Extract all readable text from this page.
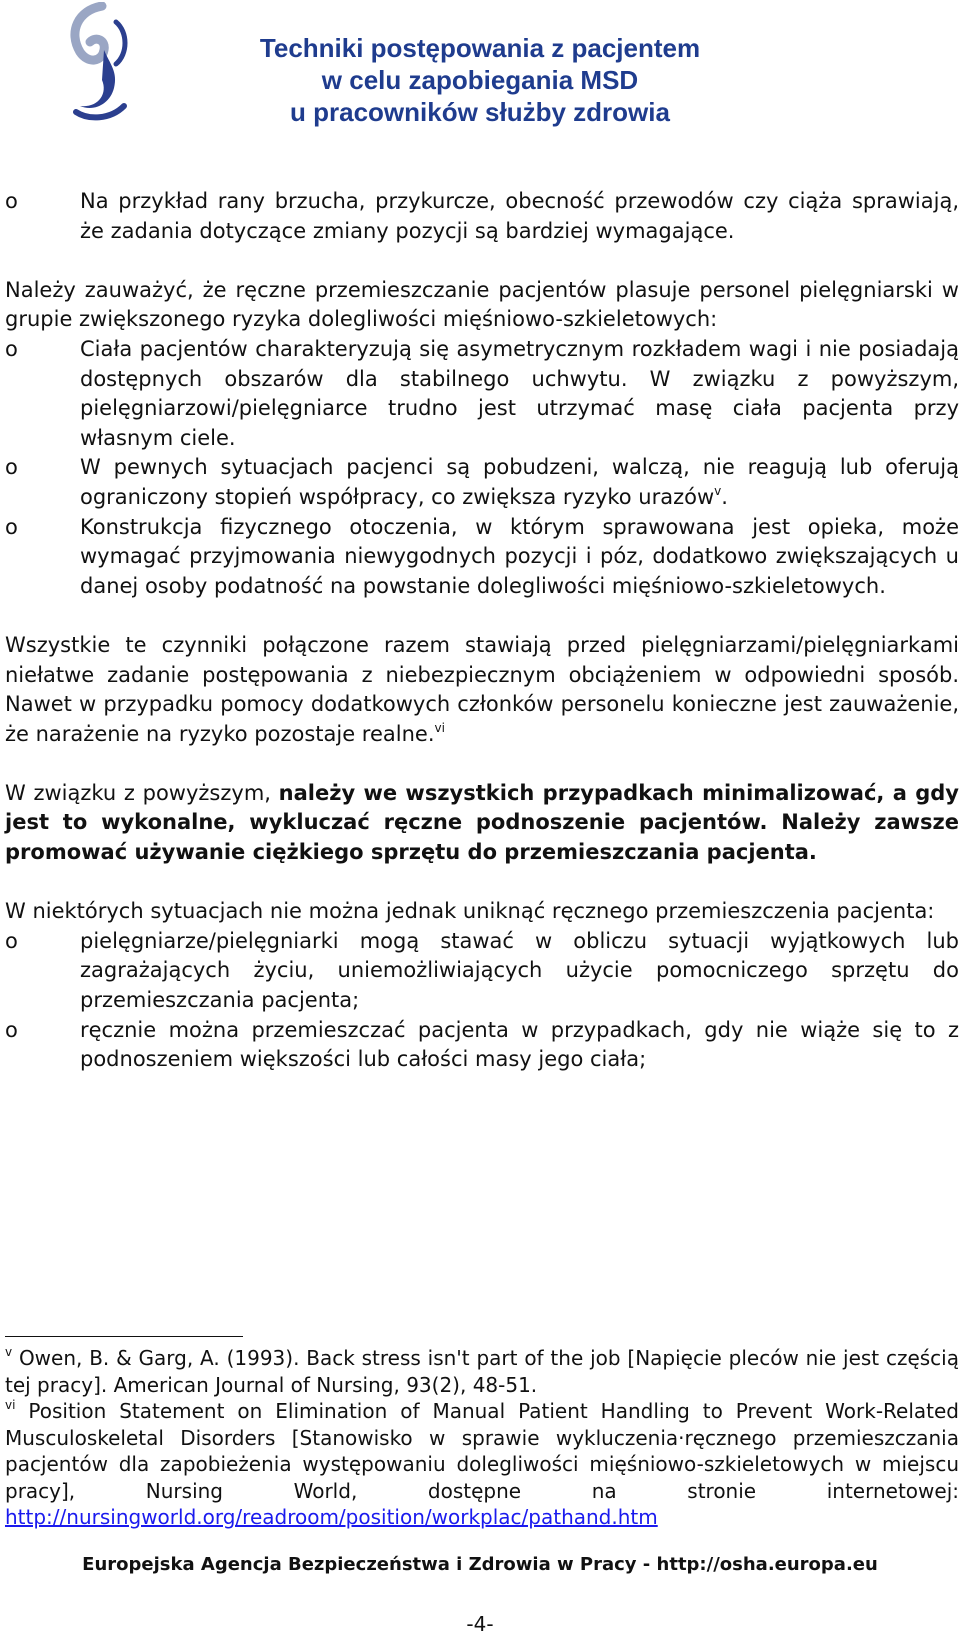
Techniki postępowania z pacjentem
w celu zapobiegania MSD
u pracowników służby zdrowia
o	Na przykład rany brzucha, przykurcze, obecność przewodów czy ciąża sprawiają, że zadania dotyczące zmiany pozycji są bardziej wymagające.

Należy zauważyć, że ręczne przemieszczanie pacjentów plasuje personel pielęgniarski w grupie zwiększonego ryzyka dolegliwości mięśniowo-szkieletowych:

o	Ciała pacjentów charakteryzują się asymetrycznym rozkładem wagi i nie posiadają dostępnych obszarów dla stabilnego uchwytu. W związku z powyższym, pielęgniarzowi/pielęgniarce trudno jest utrzymać masę ciała pacjenta przy własnym ciele.
o	W pewnych sytuacjach pacjenci są pobudzeni, walczą, nie reagują lub oferują ograniczony stopień współpracy, co zwiększa ryzyko urazów$^v$.
o	Konstrukcja fizycznego otoczenia, w którym sprawowana jest opieka, może wymagać przyjmowania niewygodnych pozycji i póz, dodatkowo zwiększających u danej osoby podatność na powstanie dolegliwości mięśniowo-szkieletowych.

Wszystkie te czynniki połączone razem stawiają przed pielęgniarzami/pielęgniarkami niełatwe zadanie postępowania z niebezpiecznym obciążeniem w odpowiedni sposób. Nawet w przypadku pomocy dodatkowych członków personelu konieczne jest zauważenie, że narażenie na ryzyko pozostaje realne.$^{vi}$

W związku z powyższym, należy we wszystkich przypadkach minimalizować, a gdy jest to wykonalne, wykluczać ręczne podnoszenie pacjentów. Należy zawsze promować używanie ciężkiego sprzętu do przemieszczania pacjenta.

W niektórych sytuacjach nie można jednak uniknąć ręcznego przemieszczenia pacjenta:

o	pielęgniarze/pielęgniarki mogą stawać w obliczu sytuacji wyjątkowych lub zagrażających życiu, uniemożliwiających użycie pomocniczego sprzętu do przemieszczania pacjenta;
o	ręcznie można przemieszczać pacjenta w przypadkach, gdy nie wiąże się to z podnoszeniem większości lub całości masy jego ciała;

$^v$ Owen, B. & Garg, A. (1993). Back stress isn't part of the job [Napięcie pleców nie jest częścią tej pracy]. American Journal of Nursing, 93(2), 48-51.

$^{vi}$ Position Statement on Elimination of Manual Patient Handling to Prevent Work-Related Musculoskeletal Disorders [Stanowisko w sprawie wykluczenia·ręcznego przemieszczania pacjentów dla zapobieżenia występowaniu dolegliwości mięśniowo-szkieletowych w miejscu pracy], Nursing World, dostępne na stronie internetowej: http://nursingworld.org/readroom/position/workplac/pathand.htm

Europejska Agencja Bezpieczeństwa i Zdrowia w Pracy - http://osha.europa.eu
-4-
